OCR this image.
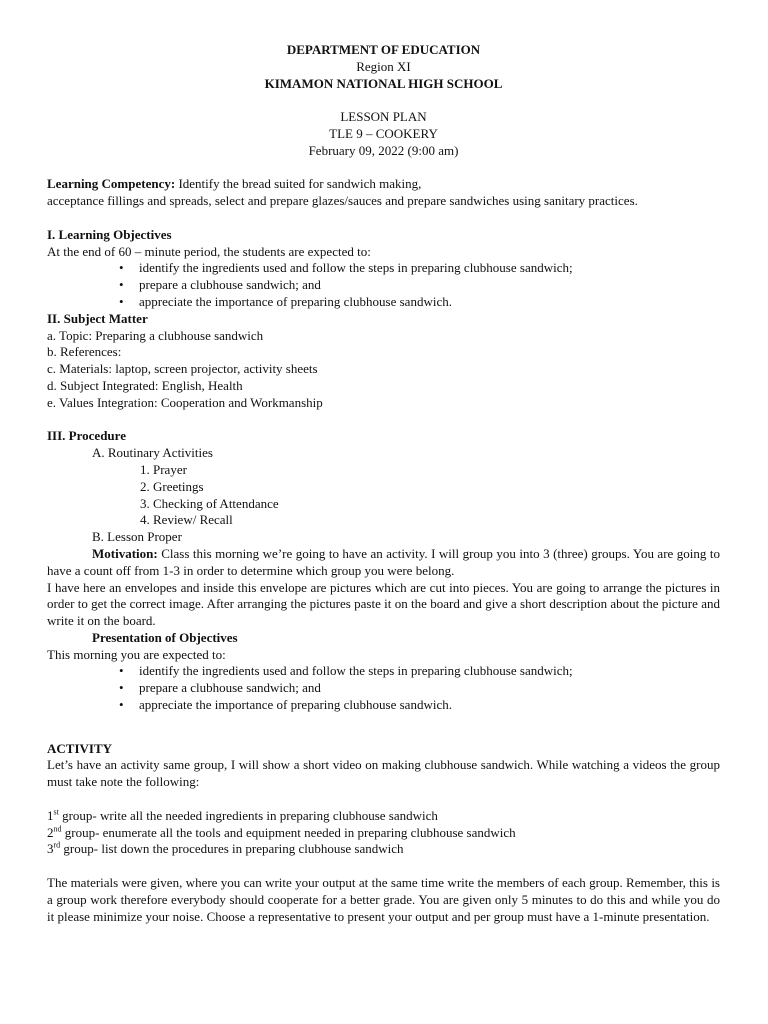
DEPARTMENT OF EDUCATION

Region XI

KIMAMON NATIONAL HIGH SCHOOL

LESSON PLAN

TLE 9 – COOKERY

February 09, 2022 (9:00 am)

Learning Competency: Identify the bread suited for sandwich making,

acceptance fillings and spreads, select and prepare glazes/sauces and prepare sandwiches using sanitary practices.

I. Learning Objectives

At the end of 60 – minute period, the students are expected to:

• identify the ingredients used and follow the steps in preparing clubhouse sandwich;
• prepare a clubhouse sandwich; and
• appreciate the importance of preparing clubhouse sandwich.

II. Subject Matter

a. Topic: Preparing a clubhouse sandwich

b. References:

c. Materials: laptop, screen projector, activity sheets

d. Subject Integrated: English, Health

e. Values Integration: Cooperation and Workmanship

III. Procedure

A. Routinary Activities

1. Prayer

2. Greetings

3. Checking of Attendance

4. Review/ Recall

B. Lesson Proper

Motivation: Class this morning we’re going to have an activity. I will group you into 3 (three) groups. You are going to have a count off from 1-3 in order to determine which group you were belong.

I have here an envelopes and inside this envelope are pictures which are cut into pieces. You are going to arrange the pictures in order to get the correct image. After arranging the pictures paste it on the board and give a short description about the picture and write it on the board.

Presentation of Objectives

This morning you are expected to:

• identify the ingredients used and follow the steps in preparing clubhouse sandwich;
• prepare a clubhouse sandwich; and
• appreciate the importance of preparing clubhouse sandwich.

ACTIVITY

Let’s have an activity same group, I will show a short video on making clubhouse sandwich. While watching a videos the group must take note the following:

1st group- write all the needed ingredients in preparing clubhouse sandwich

2nd group- enumerate all the tools and equipment needed in preparing clubhouse sandwich

3rd group- list down the procedures in preparing clubhouse sandwich

The materials were given, where you can write your output at the same time write the members of each group. Remember, this is a group work therefore everybody should cooperate for a better grade. You are given only 5 minutes to do this and while you do it please minimize your noise. Choose a representative to present your output and per group must have a 1-minute presentation.
